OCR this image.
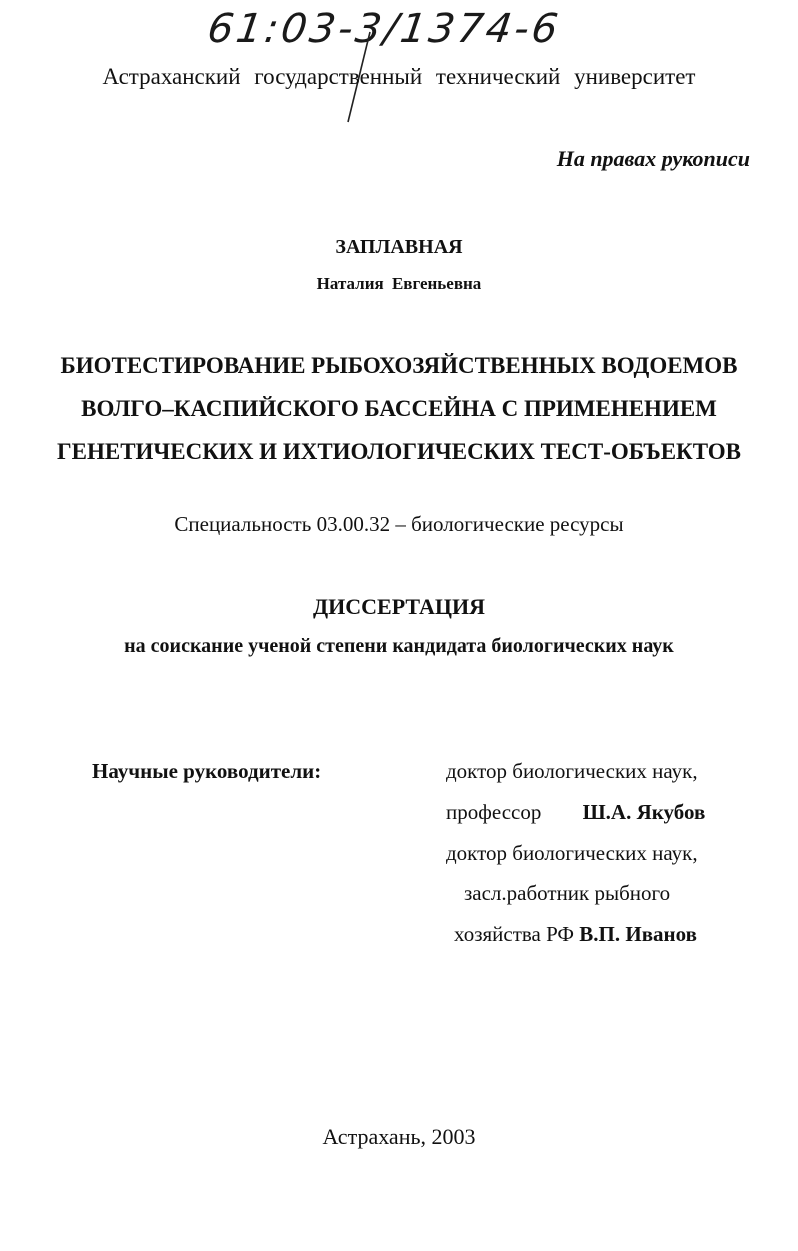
61:03-3/1374-6
Астраханский государственный технический университет
На правах рукописи
ЗАПЛАВНАЯ
Наталия Евгеньевна
БИОТЕСТИРОВАНИЕ РЫБОХОЗЯЙСТВЕННЫХ ВОДОЕМОВ
ВОЛГО–КАСПИЙСКОГО БАССЕЙНА С ПРИМЕНЕНИЕМ
ГЕНЕТИЧЕСКИХ И ИХТИОЛОГИЧЕСКИХ ТЕСТ-ОБЪЕКТОВ
Специальность 03.00.32 – биологические ресурсы
ДИССЕРТАЦИЯ
на соискание ученой степени кандидата биологических наук
Научные руководители:	доктор биологических наук,
профессор Ш.А. Якубов
доктор биологических наук,
засл.работник рыбного
хозяйства РФ В.П. Иванов
Астрахань, 2003
